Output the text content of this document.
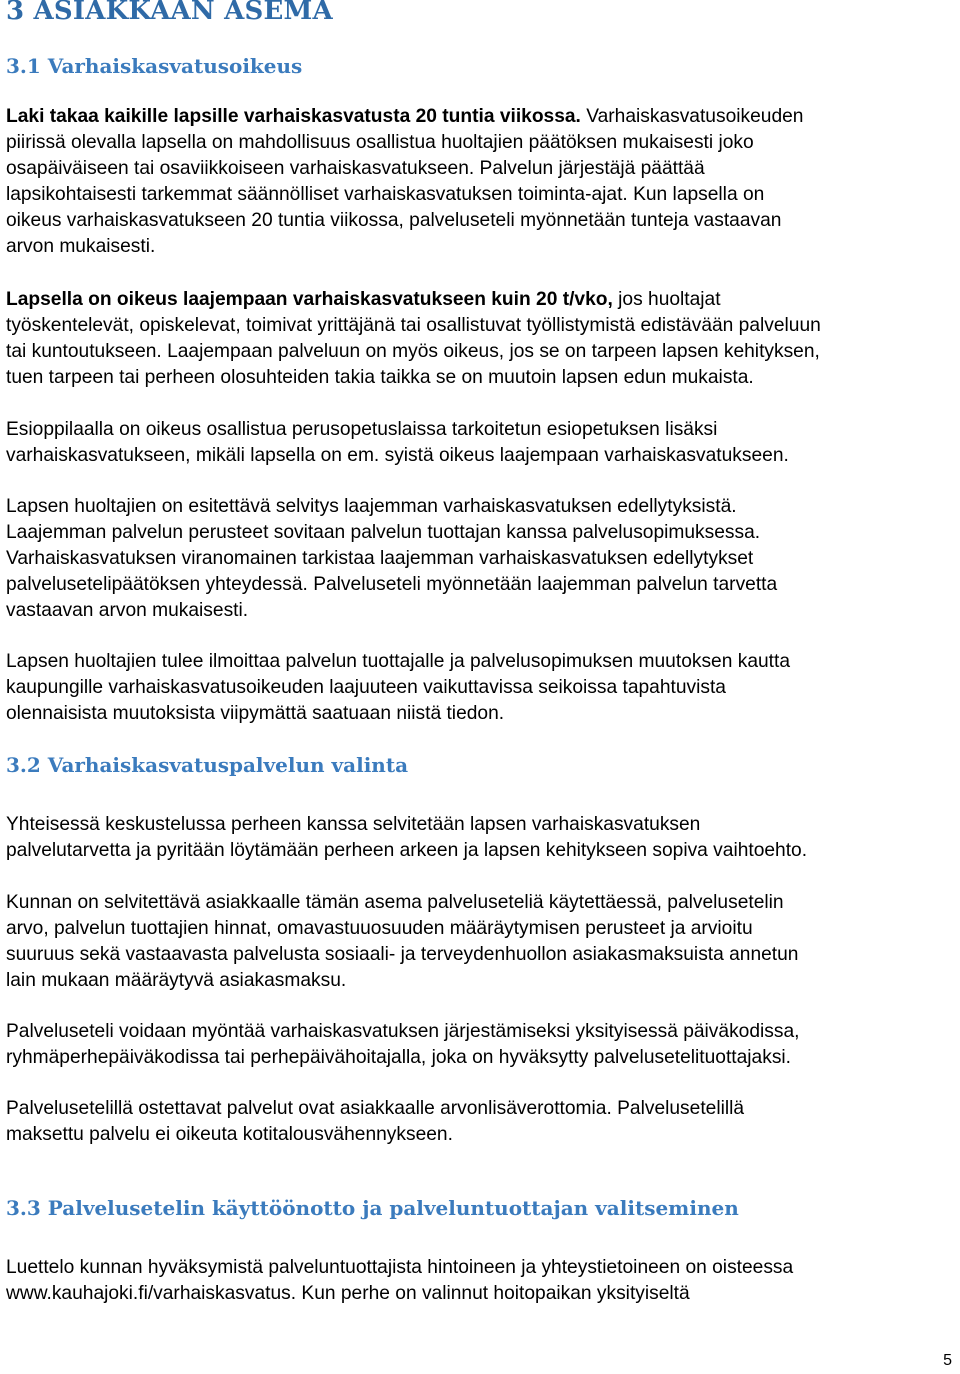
3 ASIAKKAAN ASEMA
3.1 Varhaiskasvatusoikeus
Laki takaa kaikille lapsille varhaiskasvatusta 20 tuntia viikossa. Varhaiskasvatusoikeuden
piirissä olevalla lapsella on mahdollisuus osallistua huoltajien päätöksen mukaisesti joko
osapäiväiseen tai osaviikkoiseen varhaiskasvatukseen. Palvelun järjestäjä päättää
lapsikohtaisesti tarkemmat säännölliset varhaiskasvatuksen toiminta-ajat. Kun lapsella on
oikeus varhaiskasvatukseen 20 tuntia viikossa, palveluseteli myönnetään tunteja vastaavan
arvon mukaisesti.
Lapsella on oikeus laajempaan varhaiskasvatukseen kuin 20 t/vko, jos huoltajat
työskentelevät, opiskelevat, toimivat yrittäjänä tai osallistuvat työllistymistä edistävään palveluun
tai kuntoutukseen. Laajempaan palveluun on myös oikeus, jos se on tarpeen lapsen kehityksen,
tuen tarpeen tai perheen olosuhteiden takia taikka se on muutoin lapsen edun mukaista.
Esioppilaalla on oikeus osallistua perusopetuslaissa tarkoitetun esiopetuksen lisäksi
varhaiskasvatukseen, mikäli lapsella on em. syistä oikeus laajempaan varhaiskasvatukseen.
Lapsen huoltajien on esitettävä selvitys laajemman varhaiskasvatuksen edellytyksistä.
Laajemman palvelun perusteet sovitaan palvelun tuottajan kanssa palvelusopimuksessa.
Varhaiskasvatuksen viranomainen tarkistaa laajemman varhaiskasvatuksen edellytykset
palvelusetelipäätöksen yhteydessä. Palveluseteli myönnetään laajemman palvelun tarvetta
vastaavan arvon mukaisesti.
Lapsen huoltajien tulee ilmoittaa palvelun tuottajalle ja palvelusopimuksen muutoksen kautta
kaupungille varhaiskasvatusoikeuden laajuuteen vaikuttavissa seikoissa tapahtuvista
olennaisista muutoksista viipymättä saatuaan niistä tiedon.
3.2 Varhaiskasvatuspalvelun valinta
Yhteisessä keskustelussa perheen kanssa selvitetään lapsen varhaiskasvatuksen
palvelutarvetta ja pyritään löytämään perheen arkeen ja lapsen kehitykseen sopiva vaihtoehto.
Kunnan on selvitettävä asiakkaalle tämän asema palveluseteliä käytettäessä, palvelusetelin
arvo, palvelun tuottajien hinnat, omavastuuosuuden määräytymisen perusteet ja arvioitu
suuruus sekä vastaavasta palvelusta sosiaali- ja terveydenhuollon asiakasmaksuista annetun
lain mukaan määräytyvä asiakasmaksu.
Palveluseteli voidaan myöntää varhaiskasvatuksen järjestämiseksi yksityisessä päiväkodissa,
ryhmäperhepäiväkodissa tai perhepäivähoitajalla, joka on hyväksytty palvelusetelituottajaksi.
Palvelusetelillä ostettavat palvelut ovat asiakkaalle arvonlisäverottomia. Palvelusetelillä
maksettu palvelu ei oikeuta kotitalousvähennykseen.
3.3 Palvelusetelin käyttöönotto ja palveluntuottajan valitseminen
Luettelo kunnan hyväksymistä palveluntuottajista hintoineen ja yhteystietoineen on oisteessa
www.kauhajoki.fi/varhaiskasvatus. Kun perhe on valinnut hoitopaikan yksityiseltä
5
